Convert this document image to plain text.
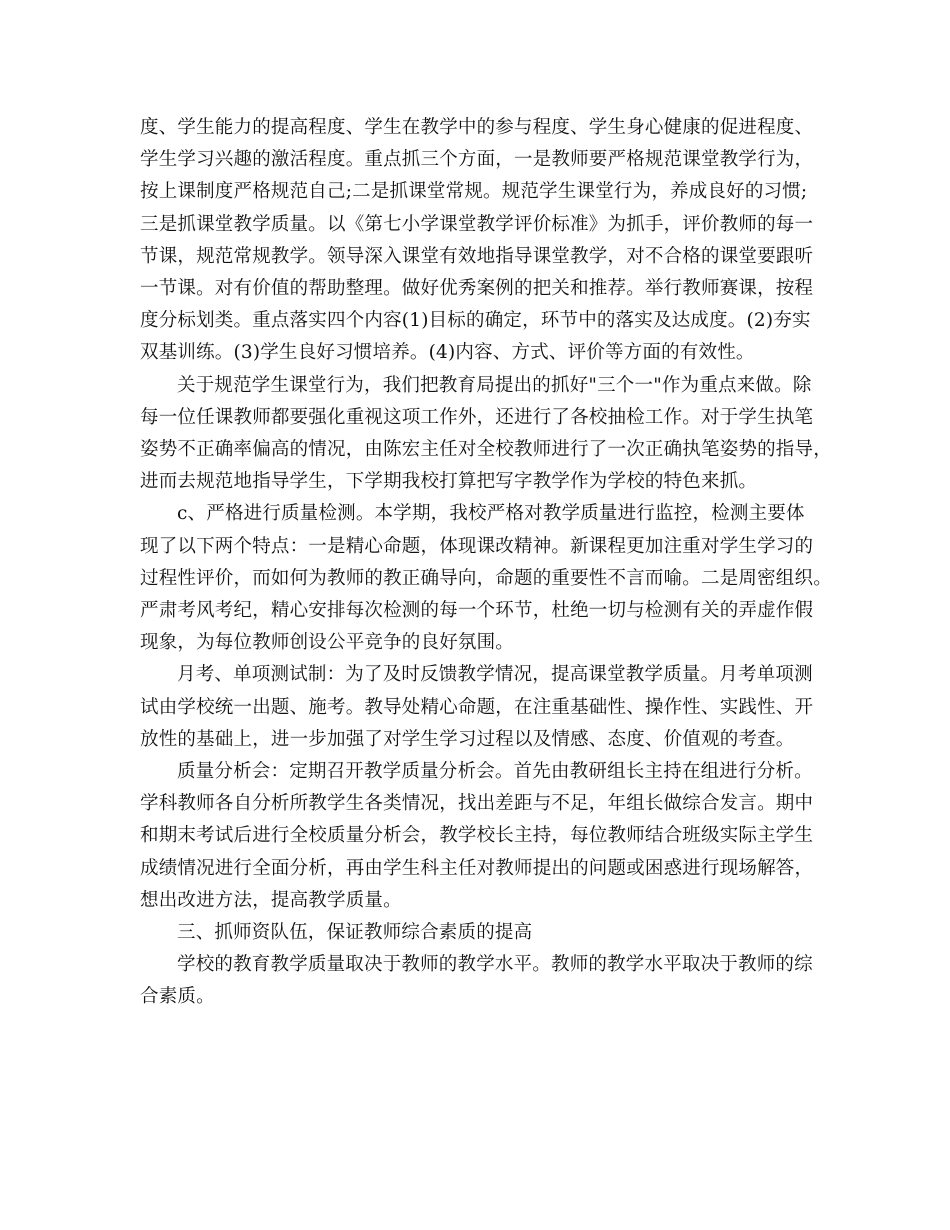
度、学生能力的提高程度、学生在教学中的参与程度、学生身心健康的促进程度、
学生学习兴趣的激活程度。重点抓三个方面，一是教师要严格规范课堂教学行为，
按上课制度严格规范自己;二是抓课堂常规。规范学生课堂行为，养成良好的习惯;
三是抓课堂教学质量。以《第七小学课堂教学评价标准》为抓手，评价教师的每一
节课，规范常规教学。领导深入课堂有效地指导课堂教学，对不合格的课堂要跟听
一节课。对有价值的帮助整理。做好优秀案例的把关和推荐。举行教师赛课，按程
度分标划类。重点落实四个内容(1)目标的确定，环节中的落实及达成度。(2)夯实
双基训练。(3)学生良好习惯培养。(4)内容、方式、评价等方面的有效性。

关于规范学生课堂行为，我们把教育局提出的抓好"三个一"作为重点来做。除
每一位任课教师都要强化重视这项工作外，还进行了各校抽检工作。对于学生执笔
姿势不正确率偏高的情况，由陈宏主任对全校教师进行了一次正确执笔姿势的指导，
进而去规范地指导学生，下学期我校打算把写字教学作为学校的特色来抓。

c、严格进行质量检测。本学期，我校严格对教学质量进行监控，检测主要体
现了以下两个特点：一是精心命题，体现课改精神。新课程更加注重对学生学习的
过程性评价，而如何为教师的教正确导向，命题的重要性不言而喻。二是周密组织。
严肃考风考纪，精心安排每次检测的每一个环节，杜绝一切与检测有关的弄虚作假
现象，为每位教师创设公平竞争的良好氛围。

月考、单项测试制：为了及时反馈教学情况，提高课堂教学质量。月考单项测
试由学校统一出题、施考。教导处精心命题，在注重基础性、操作性、实践性、开
放性的基础上，进一步加强了对学生学习过程以及情感、态度、价值观的考查。

质量分析会：定期召开教学质量分析会。首先由教研组长主持在组进行分析。
学科教师各自分析所教学生各类情况，找出差距与不足，年组长做综合发言。期中
和期末考试后进行全校质量分析会，教学校长主持，每位教师结合班级实际主学生
成绩情况进行全面分析，再由学生科主任对教师提出的问题或困惑进行现场解答，
想出改进方法，提高教学质量。

三、抓师资队伍，保证教师综合素质的提高

学校的教育教学质量取决于教师的教学水平。教师的教学水平取决于教师的综
合素质。
